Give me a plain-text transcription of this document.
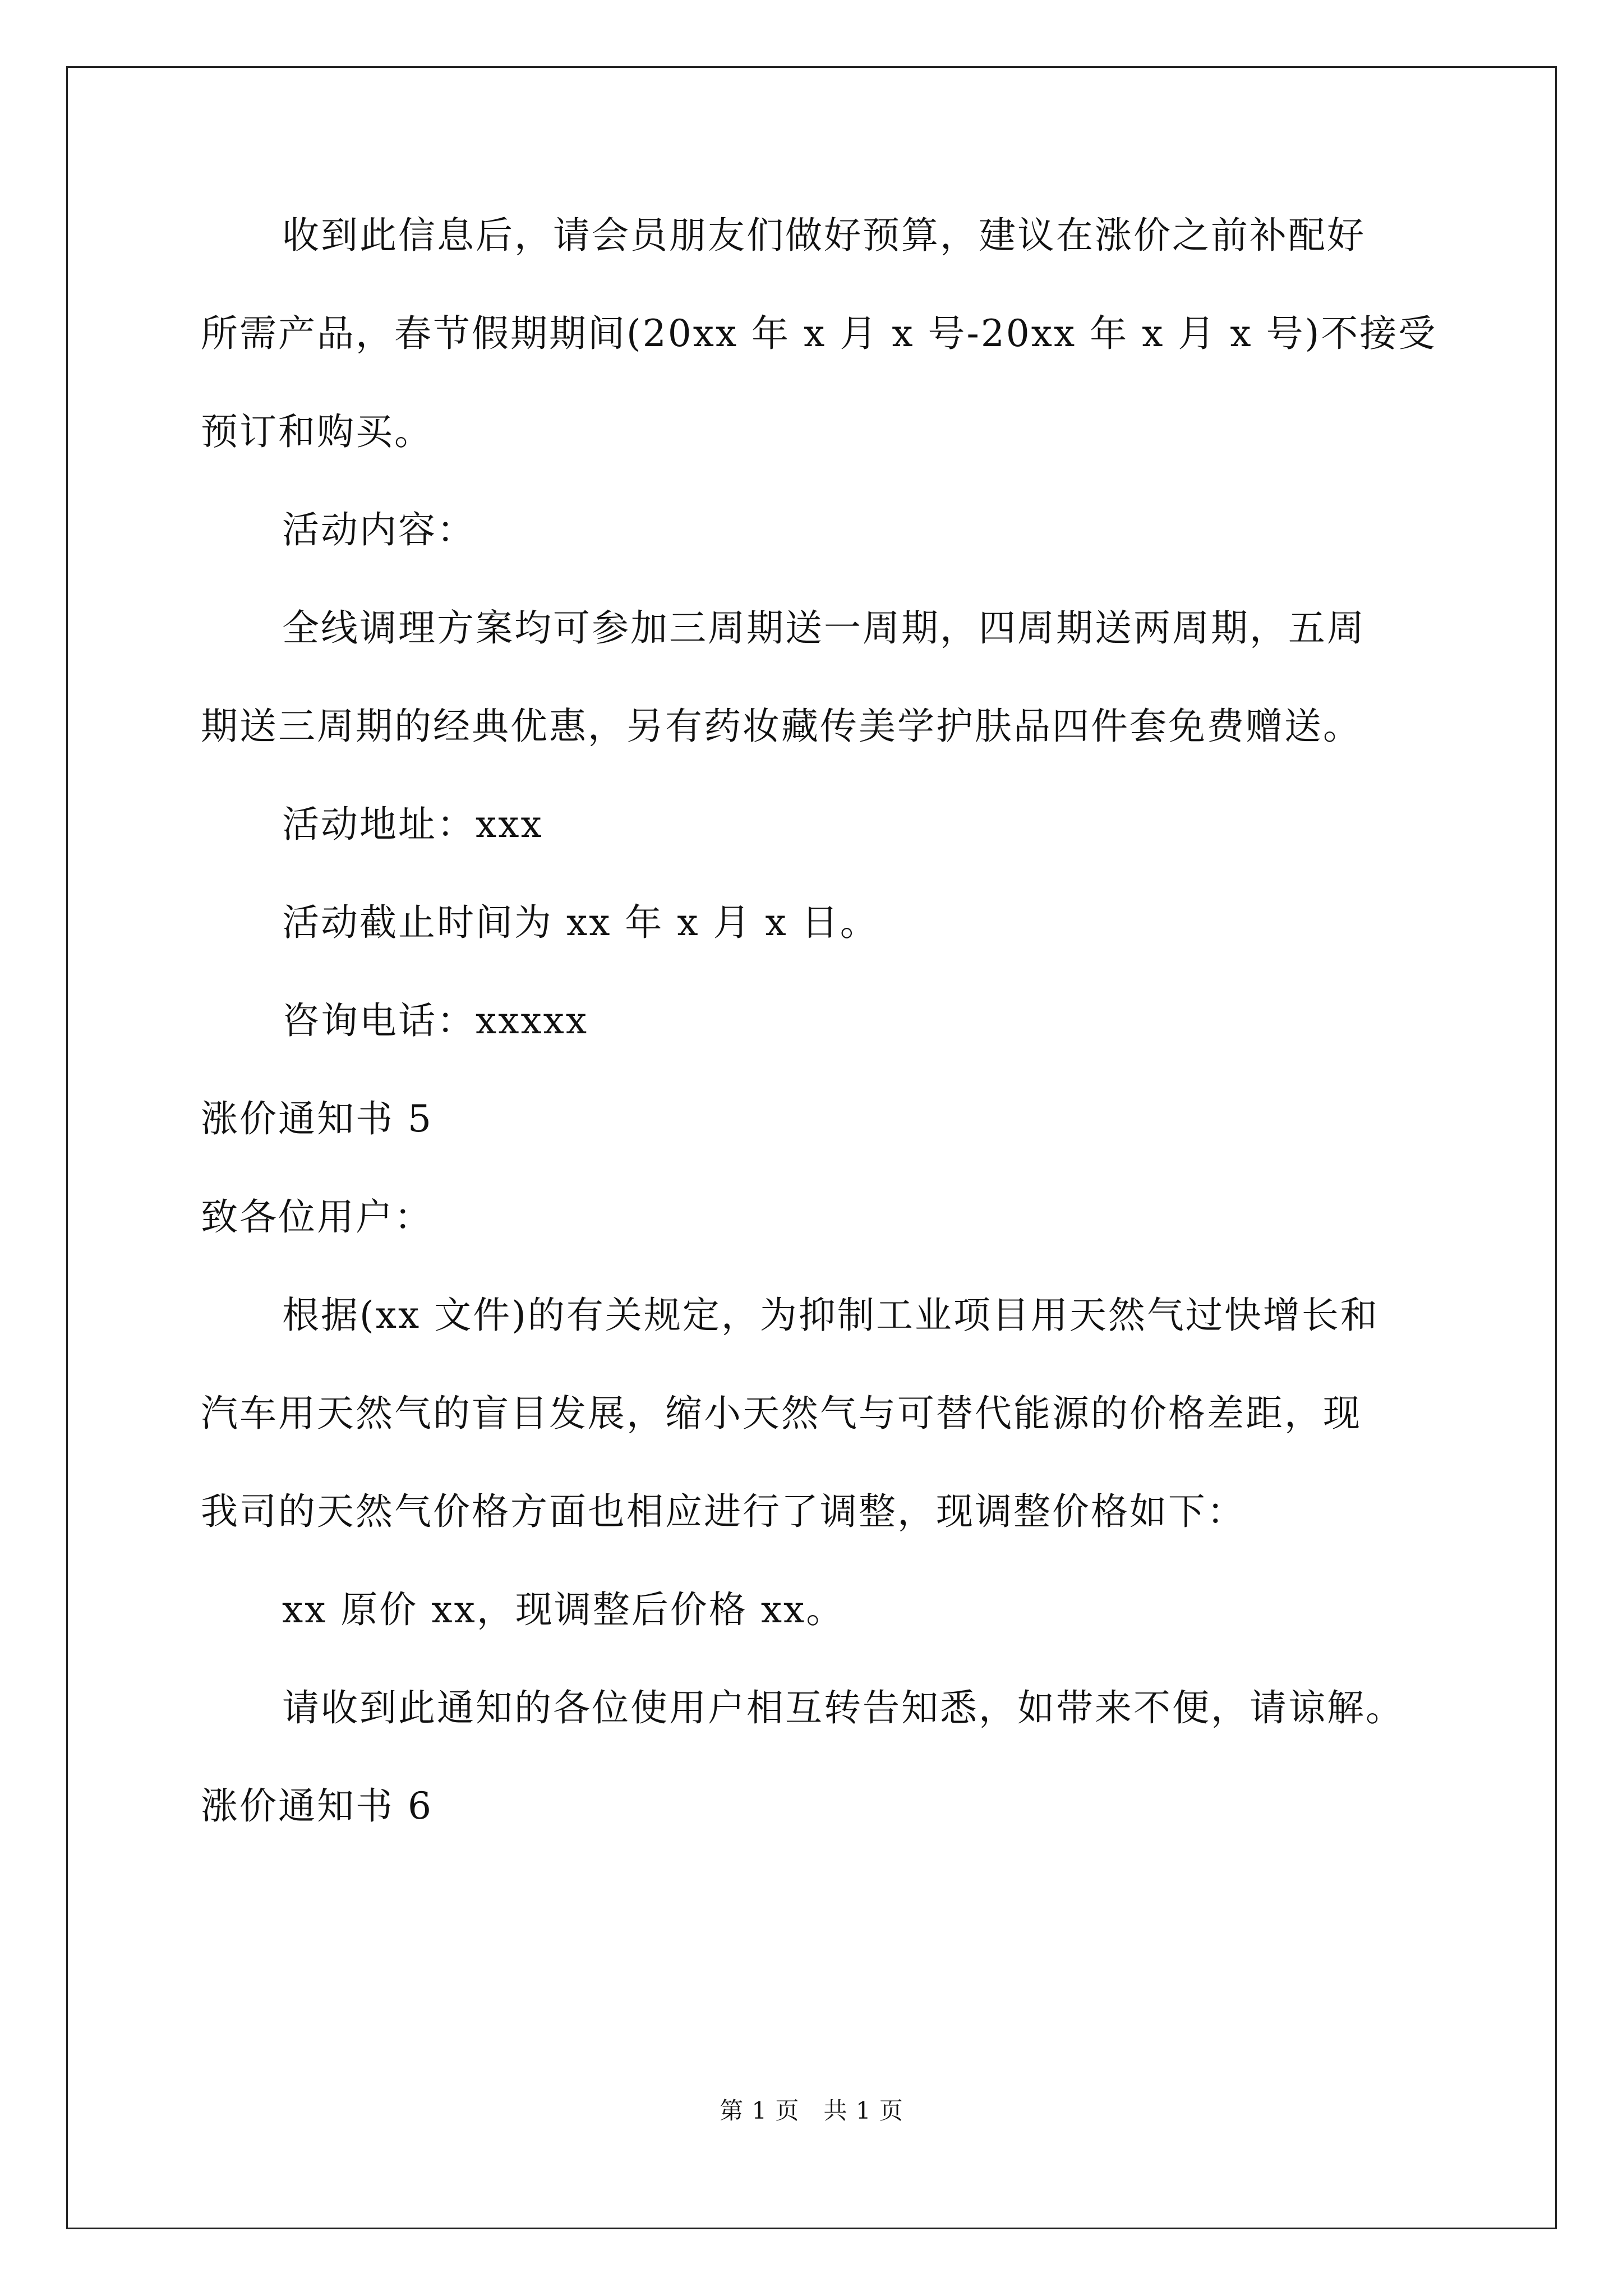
收到此信息后，请会员朋友们做好预算，建议在涨价之前补配好
所需产品，春节假期期间(20xx 年 x 月 x 号-20xx 年 x 月 x 号)不接受
预订和购买。
活动内容：
全线调理方案均可参加三周期送一周期，四周期送两周期，五周
期送三周期的经典优惠，另有药妆藏传美学护肤品四件套免费赠送。
活动地址：xxx
活动截止时间为 xx 年 x 月 x 日。
咨询电话：xxxxx
涨价通知书 5
致各位用户：
根据(xx 文件)的有关规定，为抑制工业项目用天然气过快增长和
汽车用天然气的盲目发展，缩小天然气与可替代能源的价格差距，现
我司的天然气价格方面也相应进行了调整，现调整价格如下：
xx 原价 xx，现调整后价格 xx。
请收到此通知的各位使用户相互转告知悉，如带来不便，请谅解。
涨价通知书 6
第 1 页　共 1 页
